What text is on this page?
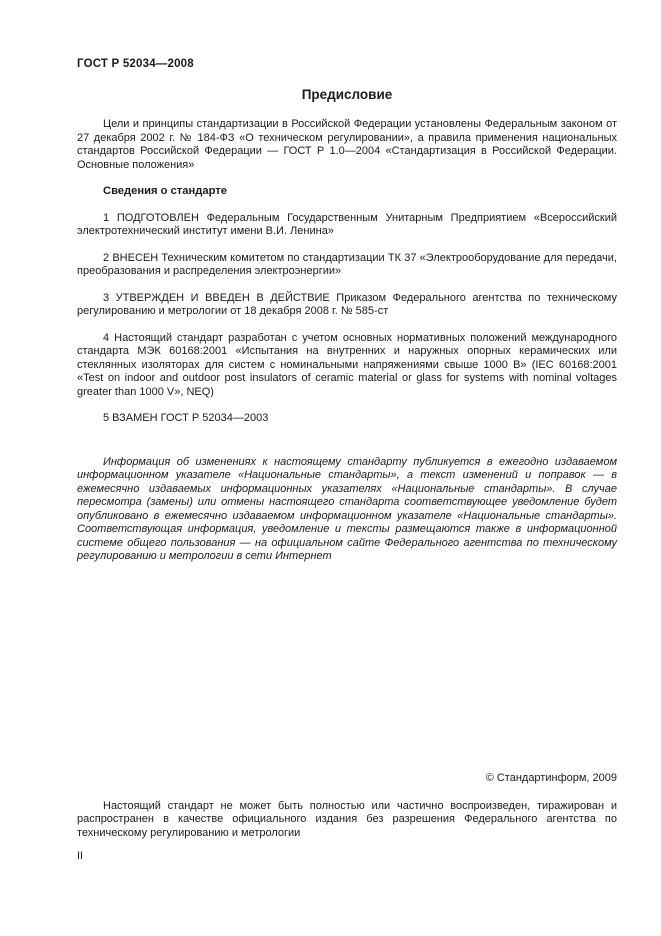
ГОСТ Р 52034—2008
Предисловие

Цели и принципы стандартизации в Российской Федерации установлены Федеральным законом от 27 декабря 2002 г. № 184-ФЗ «О техническом регулировании», а правила применения национальных стандартов Российской Федерации — ГОСТ Р 1.0—2004 «Стандартизация в Российской Федерации. Основные положения»

Сведения о стандарте

1 ПОДГОТОВЛЕН Федеральным Государственным Унитарным Предприятием «Всероссийский электротехнический институт имени В.И. Ленина»

2 ВНЕСЕН Техническим комитетом по стандартизации ТК 37 «Электрооборудование для передачи, преобразования и распределения электроэнергии»

3 УТВЕРЖДЕН И ВВЕДЕН В ДЕЙСТВИЕ Приказом Федерального агентства по техническому регулированию и метрологии от 18 декабря 2008 г. № 585-ст

4 Настоящий стандарт разработан с учетом основных нормативных положений международного стандарта МЭК 60168:2001 «Испытания на внутренних и наружных опорных керамических или стеклянных изоляторах для систем с номинальными напряжениями свыше 1000 В» (IEC 60168:2001 «Test on indoor and outdoor post insulators of ceramic material or glass for systems with nominal voltages greater than 1000 V», NEQ)

5 ВЗАМЕН ГОСТ Р 52034—2003

Информация об изменениях к настоящему стандарту публикуется в ежегодно издаваемом информационном указателе «Национальные стандарты», а текст изменений и поправок — в ежемесячно издаваемых информационных указателях «Национальные стандарты». В случае пересмотра (замены) или отмены настоящего стандарта соответствующее уведомление будет опубликовано в ежемесячно издаваемом информационном указателе «Национальные стандарты». Соответствующая информация, уведомление и тексты размещаются также в информационной системе общего пользования — на официальном сайте Федерального агентства по техническому регулированию и метрологии в сети Интернет

© Стандартинформ, 2009

Настоящий стандарт не может быть полностью или частично воспроизведен, тиражирован и распространен в качестве официального издания без разрешения Федерального агентства по техническому регулированию и метрологии

II
